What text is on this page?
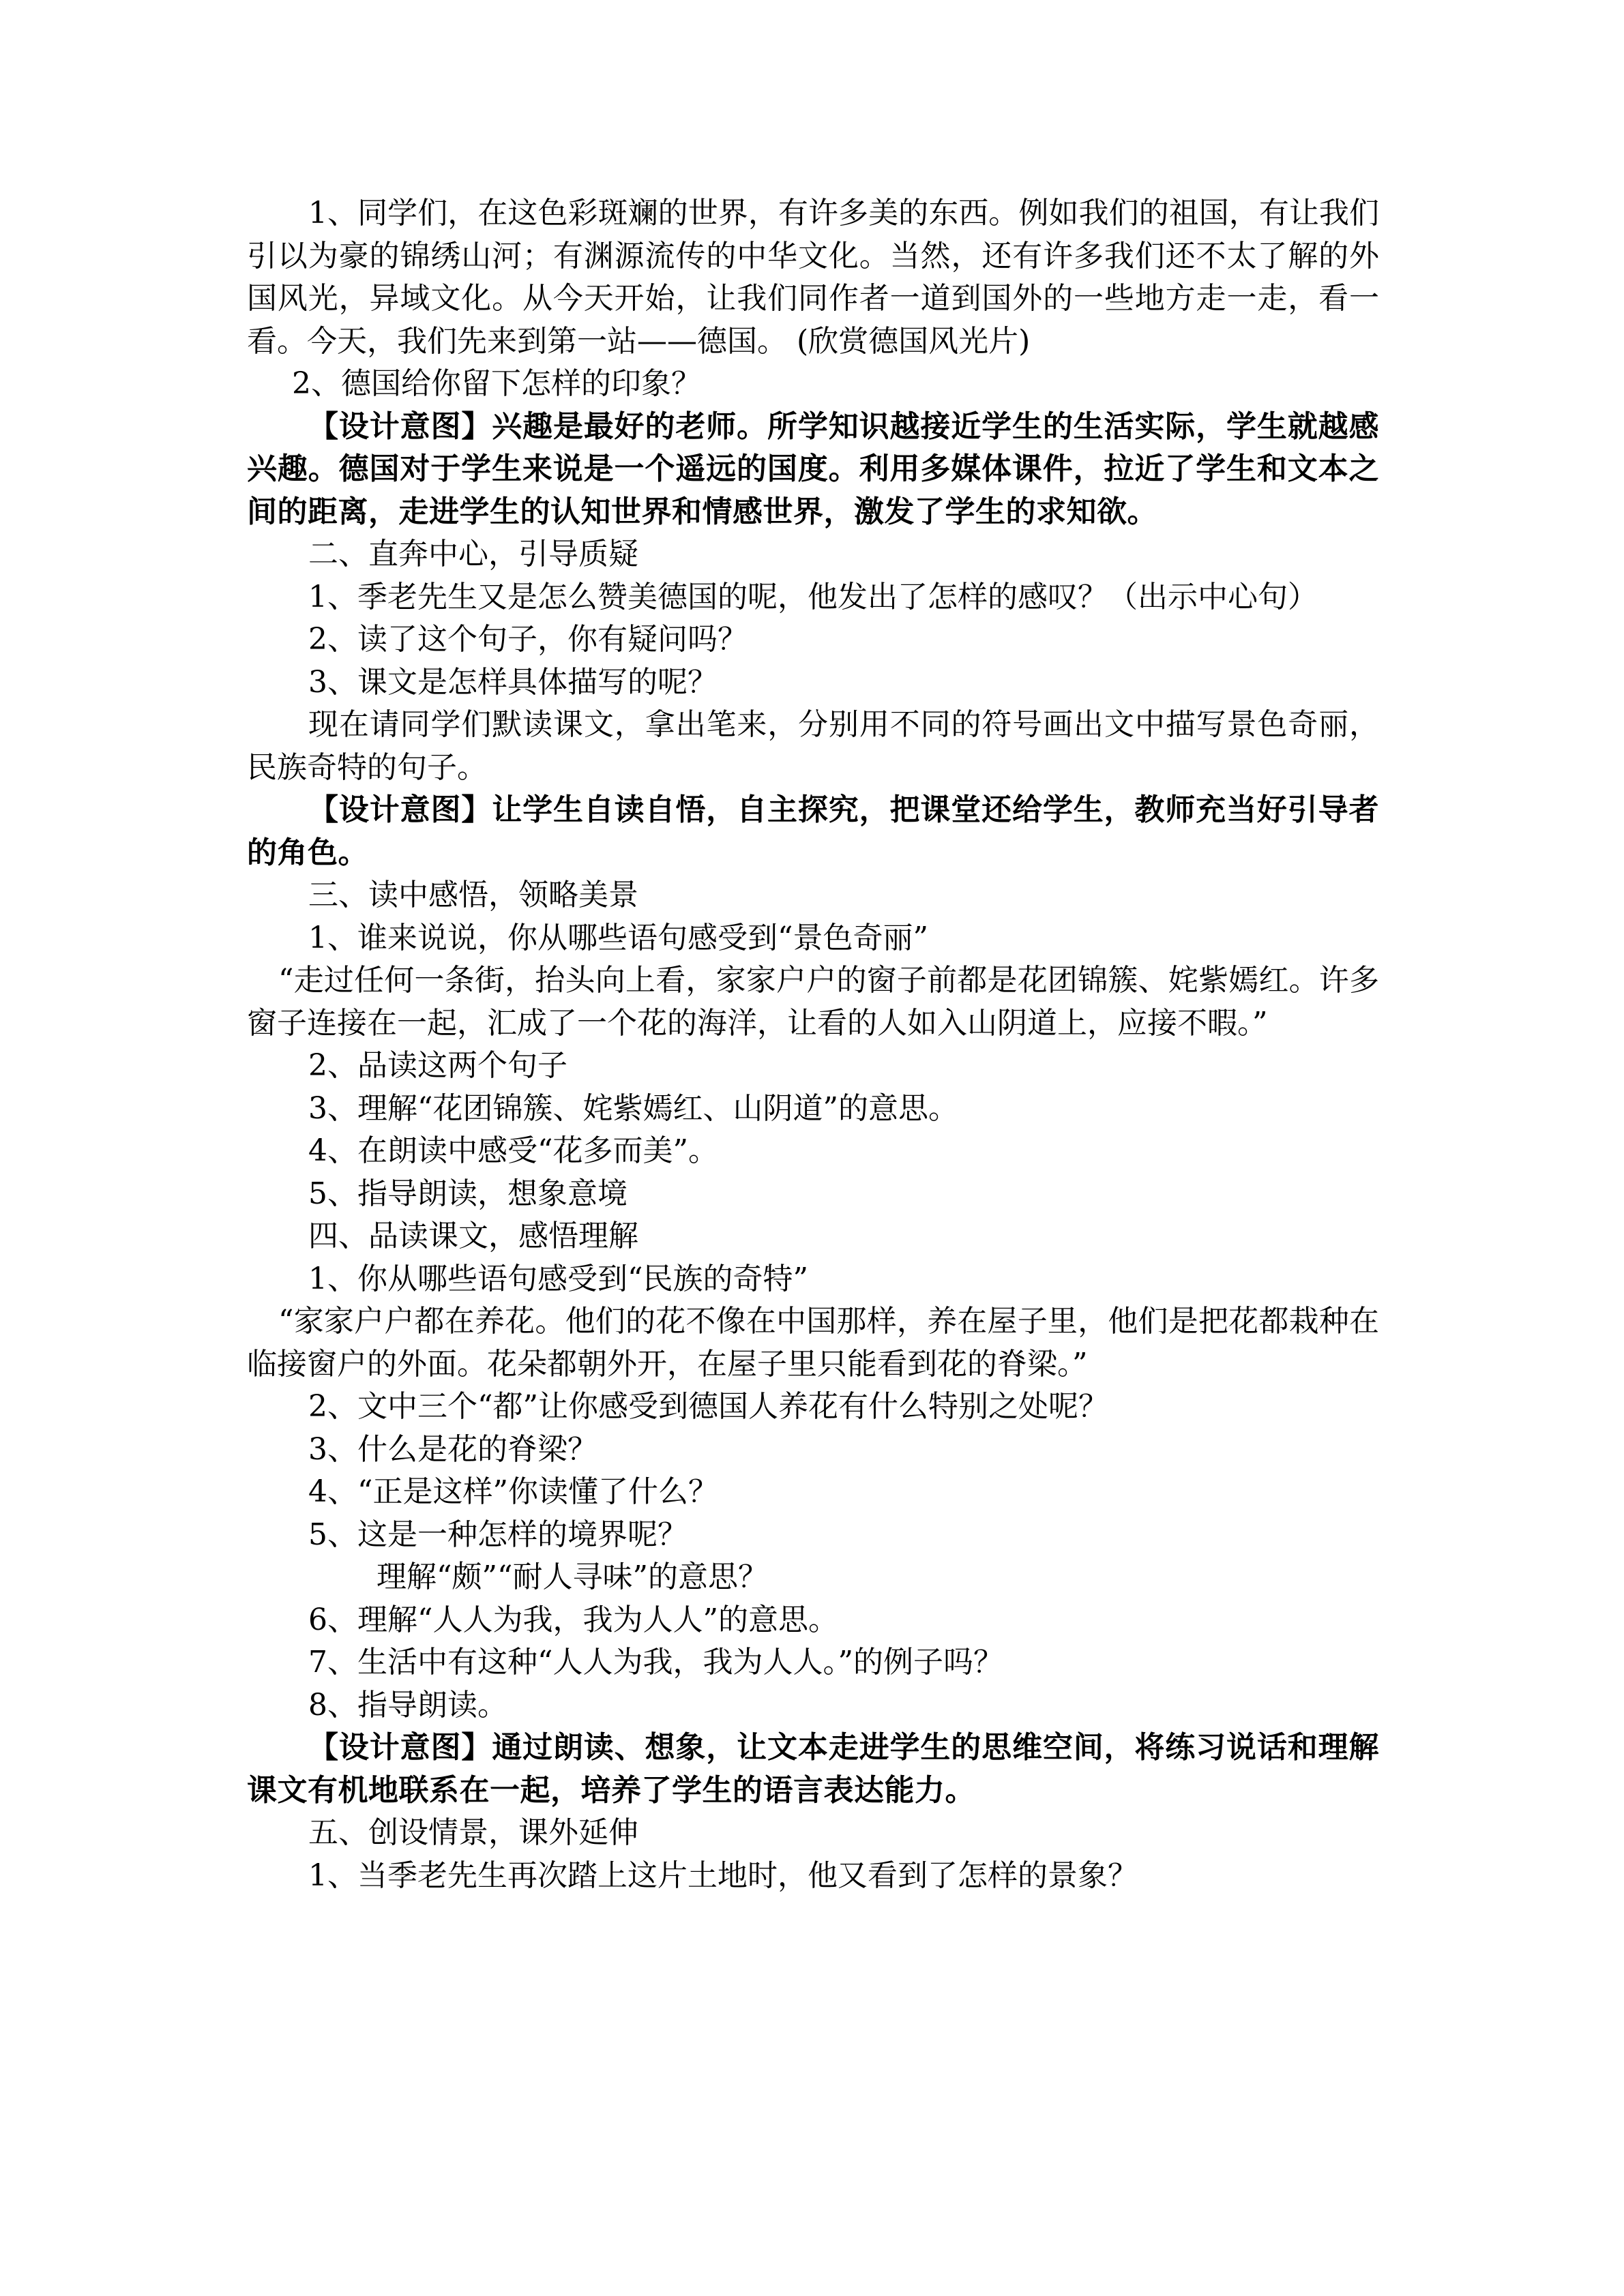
1、同学们，在这色彩斑斓的世界，有许多美的东西。例如我们的祖国，有让我们引以为豪的锦绣山河；有渊源流传的中华文化。当然，还有许多我们还不太了解的外国风光，异域文化。从今天开始，让我们同作者一道到国外的一些地方走一走，看一看。今天，我们先来到第一站——德国。 (欣赏德国风光片)

2、德国给你留下怎样的印象？

【设计意图】兴趣是最好的老师。所学知识越接近学生的生活实际，学生就越感兴趣。德国对于学生来说是一个遥远的国度。利用多媒体课件，拉近了学生和文本之间的距离，走进学生的认知世界和情感世界，激发了学生的求知欲。

二、直奔中心，引导质疑

1、季老先生又是怎么赞美德国的呢，他发出了怎样的感叹？（出示中心句）

2、读了这个句子，你有疑问吗？

3、课文是怎样具体描写的呢？

现在请同学们默读课文，拿出笔来，分别用不同的符号画出文中描写景色奇丽，民族奇特的句子。

【设计意图】让学生自读自悟，自主探究，把课堂还给学生，教师充当好引导者的角色。

三、读中感悟，领略美景

1、谁来说说，你从哪些语句感受到“景色奇丽”

“走过任何一条街，抬头向上看，家家户户的窗子前都是花团锦簇、姹紫嫣红。许多窗子连接在一起，汇成了一个花的海洋，让看的人如入山阴道上，应接不暇。”

2、品读这两个句子

3、理解“花团锦簇、姹紫嫣红、山阴道”的意思。

4、在朗读中感受“花多而美”。

5、指导朗读，想象意境

四、品读课文，感悟理解

1、你从哪些语句感受到“民族的奇特”

“家家户户都在养花。他们的花不像在中国那样，养在屋子里，他们是把花都栽种在临接窗户的外面。花朵都朝外开，在屋子里只能看到花的脊梁。”

2、文中三个“都”让你感受到德国人养花有什么特别之处呢？

3、什么是花的脊梁？

4、“正是这样”你读懂了什么？

5、这是一种怎样的境界呢？

理解“颇”“耐人寻味”的意思？

6、理解“人人为我，我为人人”的意思。

7、生活中有这种“人人为我，我为人人。”的例子吗？

8、指导朗读。

【设计意图】通过朗读、想象，让文本走进学生的思维空间，将练习说话和理解课文有机地联系在一起，培养了学生的语言表达能力。

五、创设情景，课外延伸

1、当季老先生再次踏上这片土地时，他又看到了怎样的景象？
